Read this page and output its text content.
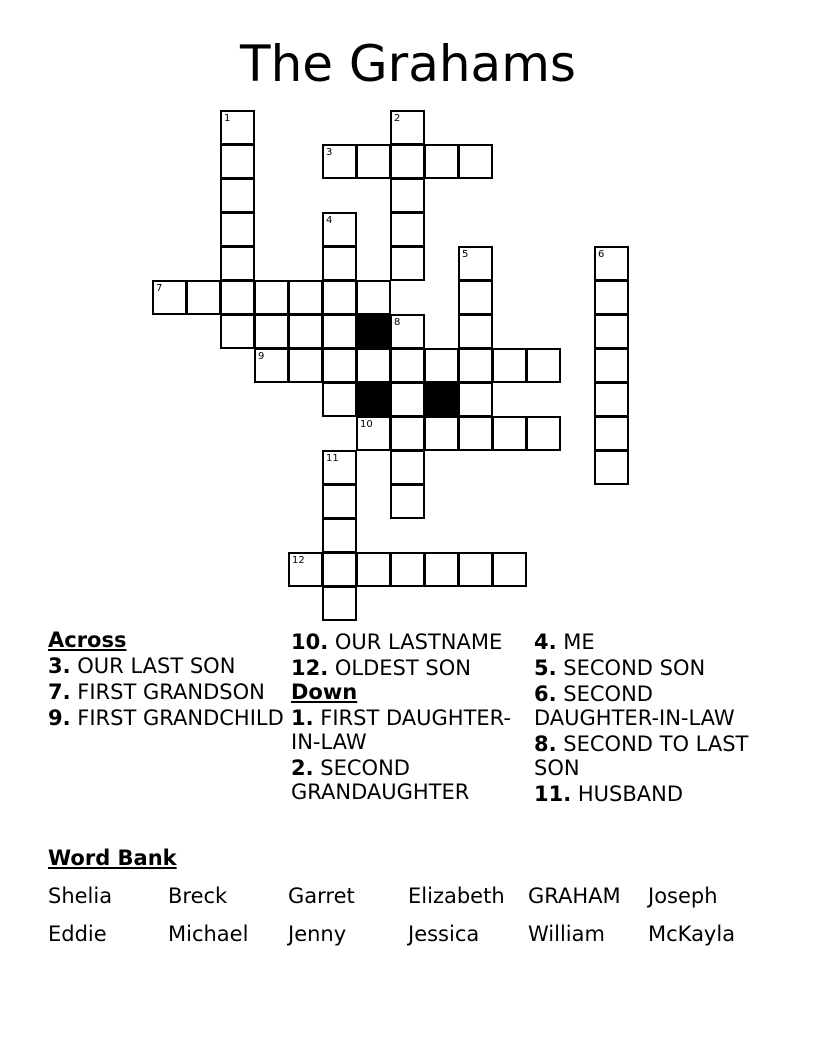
The Grahams
1	2
3
4
5	6
7
8
9
10
11
12
Across
3. OUR LAST SON
7. FIRST GRANDSON
9. FIRST GRANDCHILD
10. OUR LASTNAME
12. OLDEST SON
Down
1. FIRST DAUGHTER-IN-LAW
2. SECOND GRANDAUGHTER
4. ME
5. SECOND SON
6. SECOND DAUGHTER-IN-LAW
8. SECOND TO LAST SON
11. HUSBAND
Word Bank
Shelia	Breck	Garret	Elizabeth GRAHAM Joseph
Eddie	Michael Jenny	Jessica William McKayla
